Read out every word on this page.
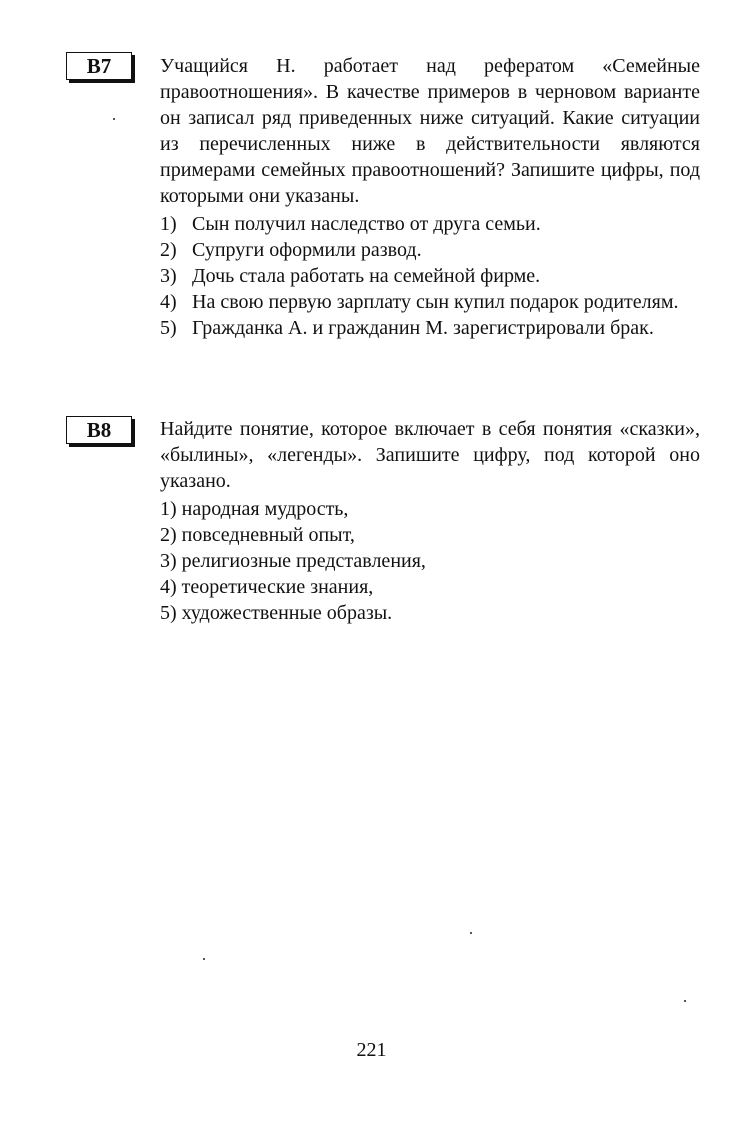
B7	Учащийся Н. работает над рефератом «Семейные правоотношения». В качестве примеров в черновом варианте он записал ряд приведенных ниже ситуаций. Какие ситуации из перечисленных ниже в действительности являются примерами семейных правоотношений? Запишите цифры, под которыми они указаны.

1) Сын получил наследство от друга семьи.
2) Супруги оформили развод.
3) Дочь стала работать на семейной фирме.
4) На свою первую зарплату сын купил подарок родителям.
5) Гражданка А. и гражданин М. зарегистрировали брак.
B8	Найдите понятие, которое включает в себя понятия «сказки», «былины», «легенды». Запишите цифру, под которой оно указано.

1) народная мудрость,
2) повседневный опыт,
3) религиозные представления,
4) теоретические знания,
5) художественные образы.
221
